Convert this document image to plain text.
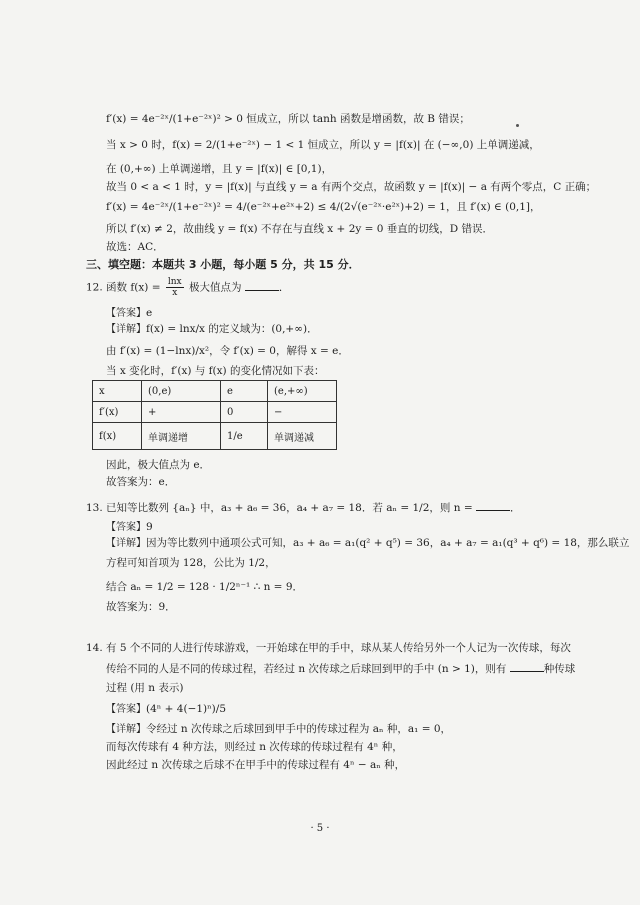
f′(x) = 4e⁻²ˣ/(1+e⁻²ˣ)² > 0 恒成立，所以 tanh 函数是增函数，故 B 错误；
当 x > 0 时，f(x) = 2/(1+e⁻²ˣ) − 1 < 1 恒成立，所以 y = |f(x)| 在 (−∞,0) 上单调递减，
在 (0,+∞) 上单调递增，且 y = |f(x)| ∈ [0,1)，
故当 0 < a < 1 时，y = |f(x)| 与直线 y = a 有两个交点，故函数 y = |f(x)| − a 有两个零点，C 正确；
f′(x) = 4e⁻²ˣ/(1+e⁻²ˣ)² = 4/(e⁻²ˣ+e²ˣ+2) ≤ 4/(2√(e⁻²ˣ·e²ˣ)+2) = 1，且 f′(x) ∈ (0,1]，
所以 f′(x) ≠ 2，故曲线 y = f(x) 不存在与直线 x + 2y = 0 垂直的切线，D 错误．
故选：AC．
三、填空题：本题共 3 小题，每小题 5 分，共 15 分．
12. 函数 $f(x) = \frac{\ln x}{x}$ 极大值点为	．
【答案】e
【详解】f(x) = lnx/x 的定义域为：(0,+∞)．
由 f′(x) = (1−lnx)/x²，令 f′(x) = 0，解得 x = e．
当 x 变化时，f′(x) 与 f(x) 的变化情况如下表：
x	(0,e)	e	(e,+∞)
f′(x)	+	0	−
f(x)	单调递增	1/e	单调递减
因此，极大值点为 e．
故答案为：e．
13. 已知等比数列 {aₙ} 中，a₃ + a₆ = 36，a₄ + a₇ = 18．若 aₙ = 1/2，则 n =	．
【答案】9
【详解】因为等比数列中通项公式可知，a₃ + a₆ = a₁(q² + q⁵) = 36，a₄ + a₇ = a₁(q³ + q⁶) = 18，那么联立
方程可知首项为 128，公比为 1/2，
结合 aₙ = 1/2 = 128 · 1/2ⁿ⁻¹ ∴ n = 9．
故答案为：9．
14. 有 5 个不同的人进行传球游戏，一开始球在甲的手中，球从某人传给另外一个人记为一次传球，每次
传给不同的人是不同的传球过程，若经过 n 次传球之后球回到甲的手中 (n > 1)，则有	种传球
过程 (用 n 表示)
【答案】(4ⁿ + 4(−1)ⁿ)/5
【详解】令经过 n 次传球之后球回到甲手中的传球过程为 aₙ 种，a₁ = 0，
而每次传球有 4 种方法，则经过 n 次传球的传球过程有 4ⁿ 种，
因此经过 n 次传球之后球不在甲手中的传球过程有 4ⁿ − aₙ 种，
· 5 ·
